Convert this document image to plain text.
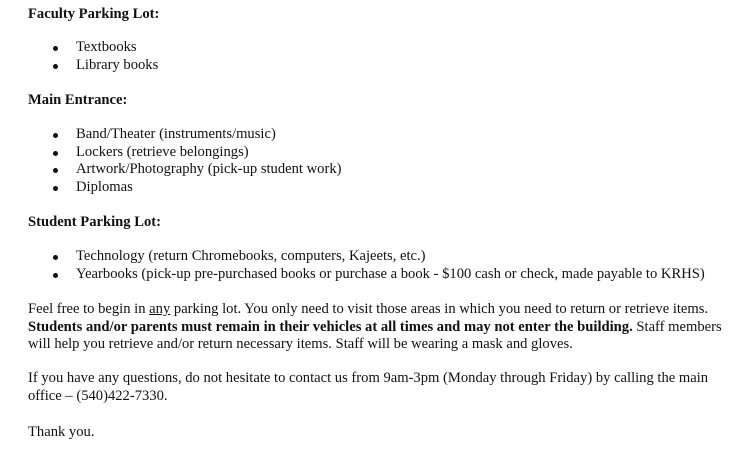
Faculty Parking Lot:
Textbooks
Library books
Main Entrance:
Band/Theater (instruments/music)
Lockers (retrieve belongings)
Artwork/Photography (pick-up student work)
Diplomas
Student Parking Lot:
Technology (return Chromebooks, computers, Kajeets, etc.)
Yearbooks (pick-up pre-purchased books or purchase a book - $100 cash or check, made payable to KRHS)
Feel free to begin in any parking lot. You only need to visit those areas in which you need to return or retrieve items.
Students and/or parents must remain in their vehicles at all times and may not enter the building. Staff members
will help you retrieve and/or return necessary items. Staff will be wearing a mask and gloves.
If you have any questions, do not hesitate to contact us from 9am-3pm (Monday through Friday) by calling the main
office – (540)422-7330.
Thank you.
